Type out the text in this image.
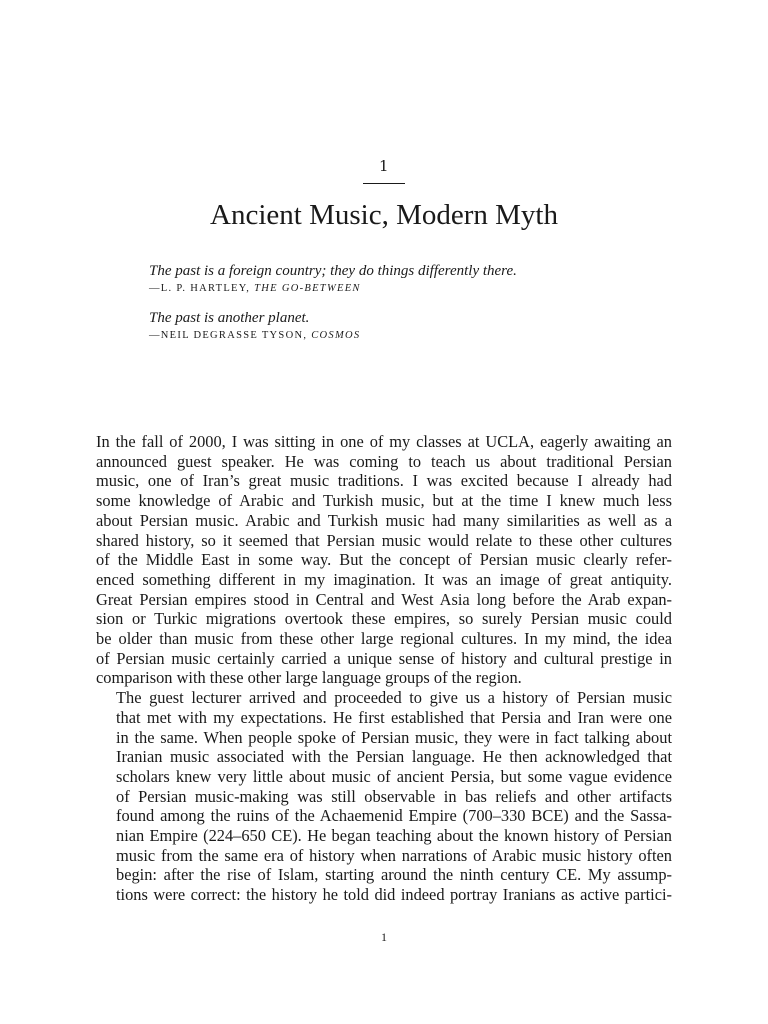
1
Ancient Music, Modern Myth

The past is a foreign country; they do things differently there.

—L. P. HARTLEY, THE GO-BETWEEN

The past is another planet.

—NEIL DEGRASSE TYSON, COSMOS

In the fall of 2000, I was sitting in one of my classes at UCLA, eagerly awaiting an
announced guest speaker. He was coming to teach us about traditional Persian
music, one of Iran’s great music traditions. I was excited because I already had
some knowledge of Arabic and Turkish music, but at the time I knew much less
about Persian music. Arabic and Turkish music had many similarities as well as a
shared history, so it seemed that Persian music would relate to these other cultures
of the Middle East in some way. But the concept of Persian music clearly refer-
enced something different in my imagination. It was an image of great antiquity.
Great Persian empires stood in Central and West Asia long before the Arab expan-
sion or Turkic migrations overtook these empires, so surely Persian music could
be older than music from these other large regional cultures. In my mind, the idea
of Persian music certainly carried a unique sense of history and cultural prestige in
comparison with these other large language groups of the region.

The guest lecturer arrived and proceeded to give us a history of Persian music
that met with my expectations. He first established that Persia and Iran were one
in the same. When people spoke of Persian music, they were in fact talking about
Iranian music associated with the Persian language. He then acknowledged that
scholars knew very little about music of ancient Persia, but some vague evidence
of Persian music-making was still observable in bas reliefs and other artifacts
found among the ruins of the Achaemenid Empire (700–330 BCE) and the Sassa-
nian Empire (224–650 CE). He began teaching about the known history of Persian
music from the same era of history when narrations of Arabic music history often
begin: after the rise of Islam, starting around the ninth century CE. My assump-
tions were correct: the history he told did indeed portray Iranians as active partici-

1
